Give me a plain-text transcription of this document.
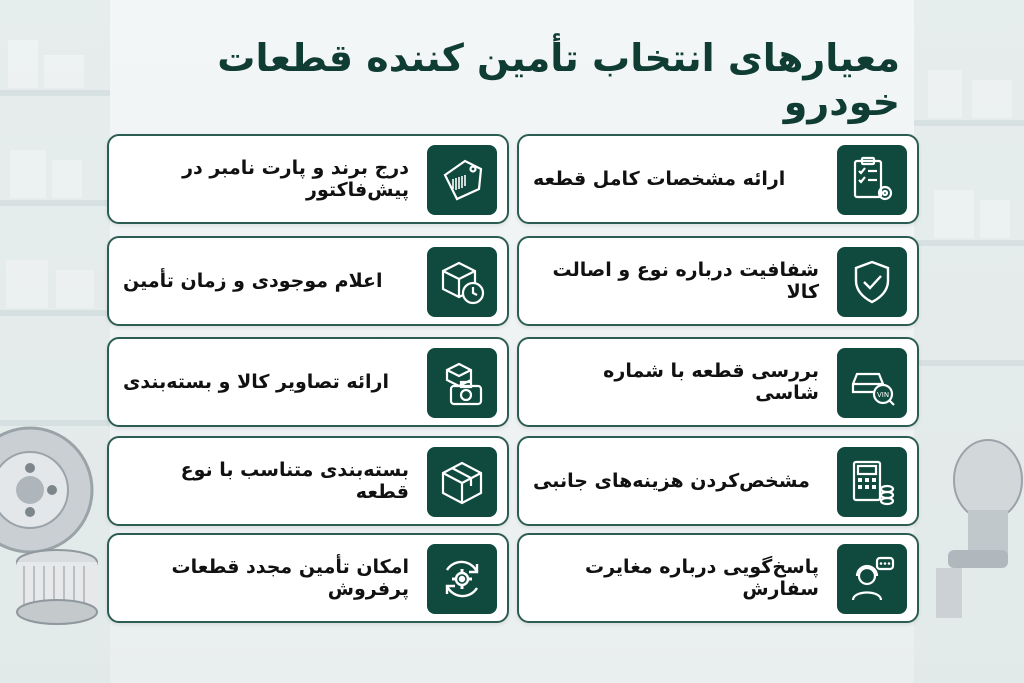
معیارهای انتخاب تأمین کننده قطعات خودرو
ارائه مشخصات کامل قطعه
شفافیت درباره نوع و اصالت کالا
بررسی قطعه با شماره شاسی	VIN
مشخص‌کردن هزینه‌های جانبی
پاسخ‌گویی درباره مغایرت سفارش
درج برند و پارت نامبر در پیش‌فاکتور
اعلام موجودی و زمان تأمین
ارائه تصاویر کالا و بسته‌بندی
بسته‌بندی متناسب با نوع قطعه
امکان تأمین مجدد قطعات پرفروش
